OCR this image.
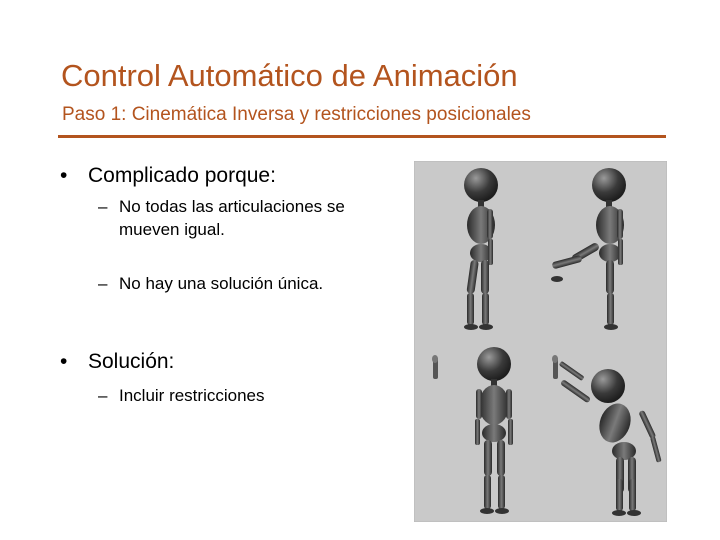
Control Automático de Animación
Paso 1: Cinemática Inversa y restricciones posicionales
• Complicado porque:
– No todas las articulaciones se mueven igual.
– No hay una solución única.
• Solución:
– Incluir restricciones
